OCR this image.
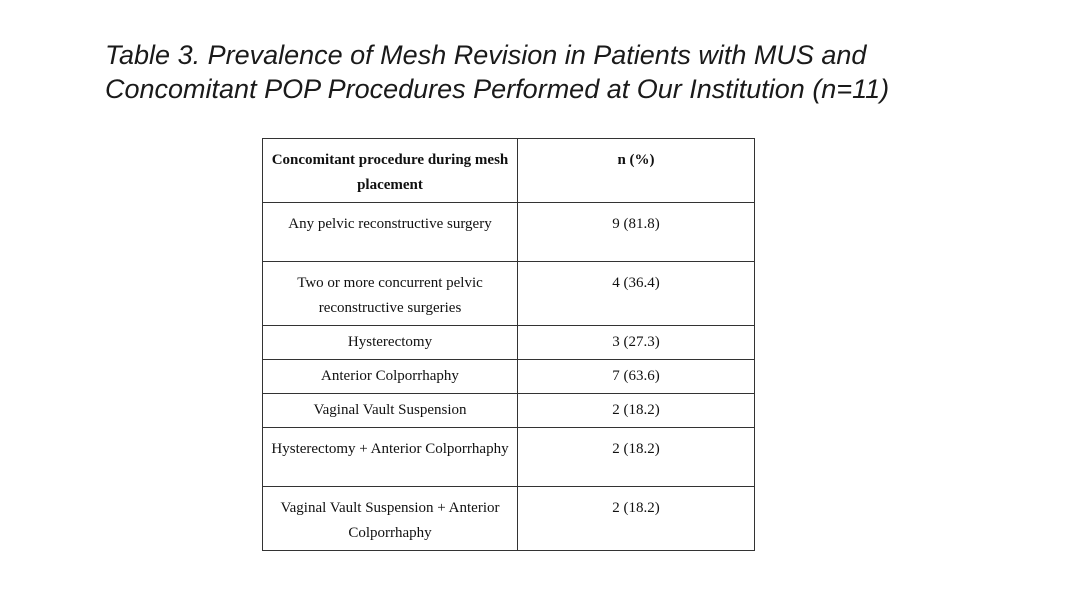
Table 3. Prevalence of Mesh Revision in Patients with MUS and
Concomitant POP Procedures Performed at Our Institution (n=11)
Concomitant procedure during mesh placement	n (%)
Any pelvic reconstructive surgery	9 (81.8)
Two or more concurrent pelvic reconstructive surgeries	4 (36.4)
Hysterectomy	3 (27.3)
Anterior Colporrhaphy	7 (63.6)
Vaginal Vault Suspension	2 (18.2)
Hysterectomy + Anterior Colporrhaphy	2 (18.2)
Vaginal Vault Suspension + Anterior Colporrhaphy	2 (18.2)
